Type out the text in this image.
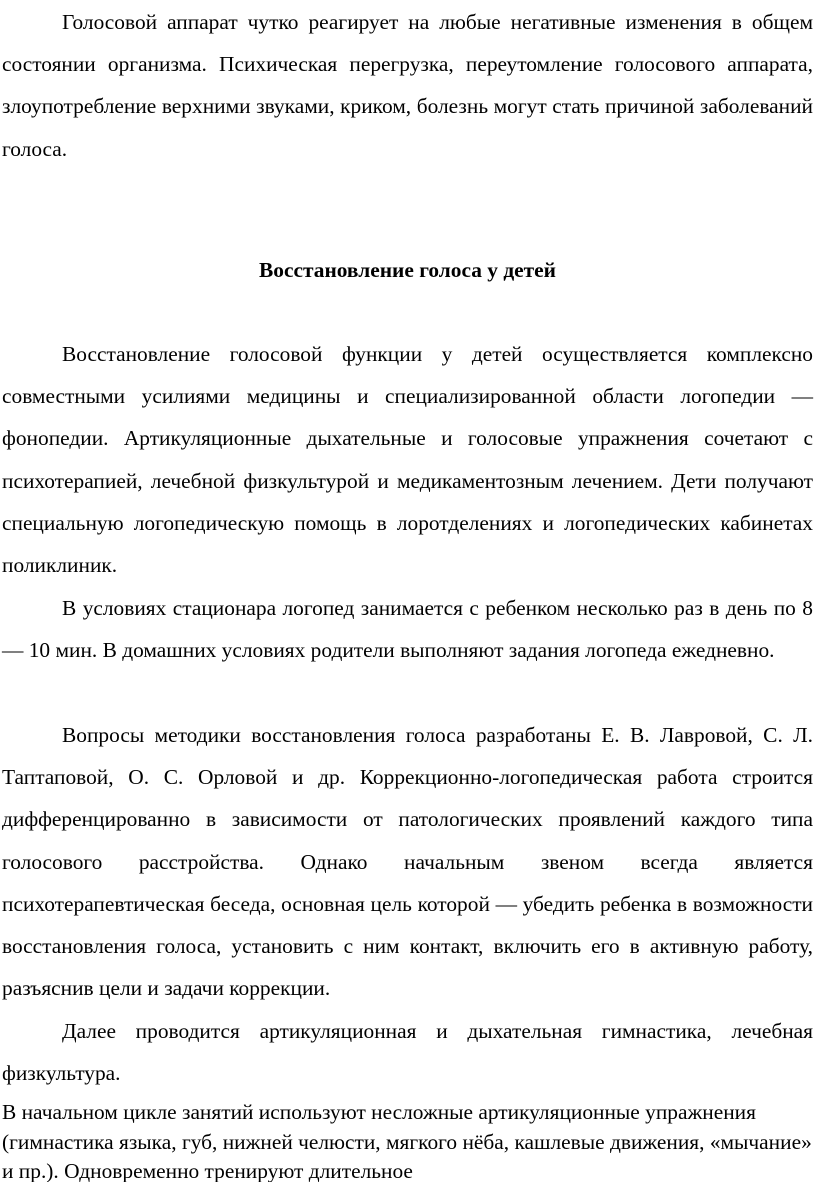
Голосовой аппарат чутко реагирует на любые негативные изменения в общем состоянии организма. Психическая перегрузка, переутомление голосового аппарата, злоупотребление верхними звуками, криком, болезнь могут стать причиной заболеваний голоса.

Восстановление голоса у детей

Восстановление голосовой функции у детей осуществляется комплексно совместными усилиями медицины и специализированной области логопедии — фонопедии. Артикуляционные дыхательные и голосовые упражнения сочетают с психотерапией, лечебной физкультурой и медикаментозным лечением. Дети получают специальную логопедическую помощь в лоротделениях и логопедических кабинетах поликлиник.

В условиях стационара логопед занимается с ребенком несколько раз в день по 8 — 10 мин. В домашних условиях родители выполняют задания логопеда ежедневно.

Вопросы методики восстановления голоса разработаны Е. В. Лавровой, С. Л. Таптаповой, О. С. Орловой и др. Коррекционно-логопедическая работа строится дифференцированно в зависимости от патологических проявлений каждого типа голосового расстройства. Однако начальным звеном всегда является психотерапевтическая беседа, основная цель которой — убедить ребенка в возможности восстановления голоса, установить с ним контакт, включить его в активную работу, разъяснив цели и задачи коррекции.

Далее проводится артикуляционная и дыхательная гимнастика, лечебная физкультура.

В начальном цикле занятий используют несложные артикуляционные упражнения (гимнастика языка, губ, нижней челюсти, мягкого нёба, кашлевые движения, «мычание» и пр.). Одновременно тренируют длительное
